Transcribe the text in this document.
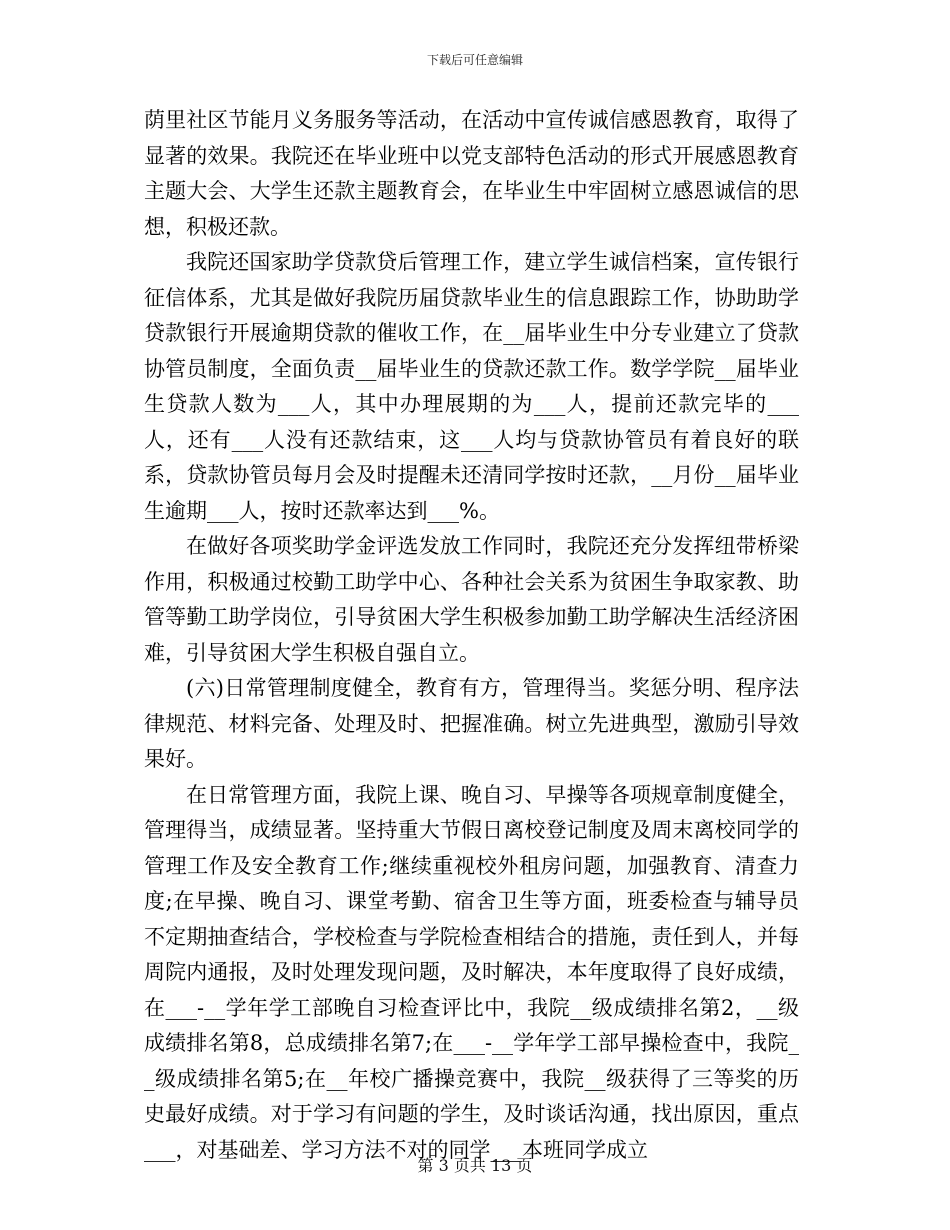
下载后可任意编辑

荫里社区节能月义务服务等活动，在活动中宣传诚信感恩教育，取得了显著的效果。我院还在毕业班中以党支部特色活动的形式开展感恩教育主题大会、大学生还款主题教育会，在毕业生中牢固树立感恩诚信的思想，积极还款。

我院还国家助学贷款贷后管理工作，建立学生诚信档案，宣传银行征信体系，尤其是做好我院历届贷款毕业生的信息跟踪工作，协助助学贷款银行开展逾期贷款的催收工作，在__届毕业生中分专业建立了贷款协管员制度，全面负责__届毕业生的贷款还款工作。数学学院__届毕业生贷款人数为___人，其中办理展期的为___人，提前还款完毕的___人，还有___人没有还款结束，这___人均与贷款协管员有着良好的联系，贷款协管员每月会及时提醒未还清同学按时还款，__月份__届毕业生逾期___人，按时还款率达到___%。

在做好各项奖助学金评选发放工作同时，我院还充分发挥纽带桥梁作用，积极通过校勤工助学中心、各种社会关系为贫困生争取家教、助管等勤工助学岗位，引导贫困大学生积极参加勤工助学解决生活经济困难，引导贫困大学生积极自强自立。

(六)日常管理制度健全，教育有方，管理得当。奖惩分明、程序法律规范、材料完备、处理及时、把握准确。树立先进典型，激励引导效果好。

在日常管理方面，我院上课、晚自习、早操等各项规章制度健全，管理得当，成绩显著。坚持重大节假日离校登记制度及周末离校同学的管理工作及安全教育工作;继续重视校外租房问题，加强教育、清查力度;在早操、晚自习、课堂考勤、宿舍卫生等方面，班委检查与辅导员不定期抽查结合，学校检查与学院检查相结合的措施，责任到人，并每周院内通报，及时处理发现问题，及时解决，本年度取得了良好成绩，在___-__学年学工部晚自习检查评比中，我院__级成绩排名第2，__级成绩排名第8，总成绩排名第7;在___-__学年学工部早操检查中，我院__级成绩排名第5;在__年校广播操竞赛中，我院__级获得了三等奖的历史最好成绩。对于学习有问题的学生，及时谈话沟通，找出原因，重点___，对基础差、学习方法不对的同学___本班同学成立

第 3 页共 13 页
